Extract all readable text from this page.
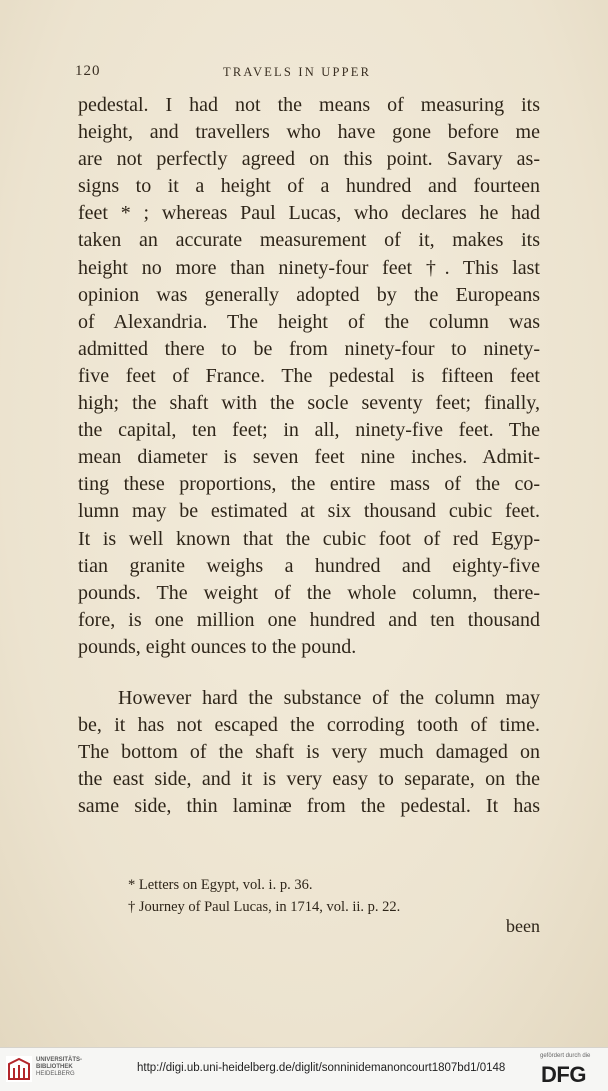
120	TRAVELS IN UPPER

pedestal. I had not the means of measuring its

height, and travellers who have gone before me

are not perfectly agreed on this point. Savary as-

signs to it a height of a hundred and fourteen

feet * ; whereas Paul Lucas, who declares he had

taken an accurate measurement of it, makes its

height no more than ninety-four feet †. This last

opinion was generally adopted by the Europeans

of Alexandria. The height of the column was

admitted there to be from ninety-four to ninety-

five feet of France. The pedestal is fifteen feet

high; the shaft with the socle seventy feet; finally,

the capital, ten feet; in all, ninety-five feet. The

mean diameter is seven feet nine inches. Admit-

ting these proportions, the entire mass of the co-

lumn may be estimated at six thousand cubic feet.

It is well known that the cubic foot of red Egyp-

tian granite weighs a hundred and eighty-five

pounds. The weight of the whole column, there-

fore, is one million one hundred and ten thousand

pounds, eight ounces to the pound.

However hard the substance of the column may

be, it has not escaped the corroding tooth of time.

The bottom of the shaft is very much damaged on

the east side, and it is very easy to separate, on the

same side, thin laminæ from the pedestal. It has

* Letters on Egypt, vol. i. p. 36.
† Journey of Paul Lucas, in 1714, vol. ii. p. 22.
been
UNIVERSITÄTS-
BIBLIOTHEK
HEIDELBERG	http://digi.ub.uni-heidelberg.de/diglit/sonninidemanoncourt1807bd1/0148
gefördert durch die
DFG
